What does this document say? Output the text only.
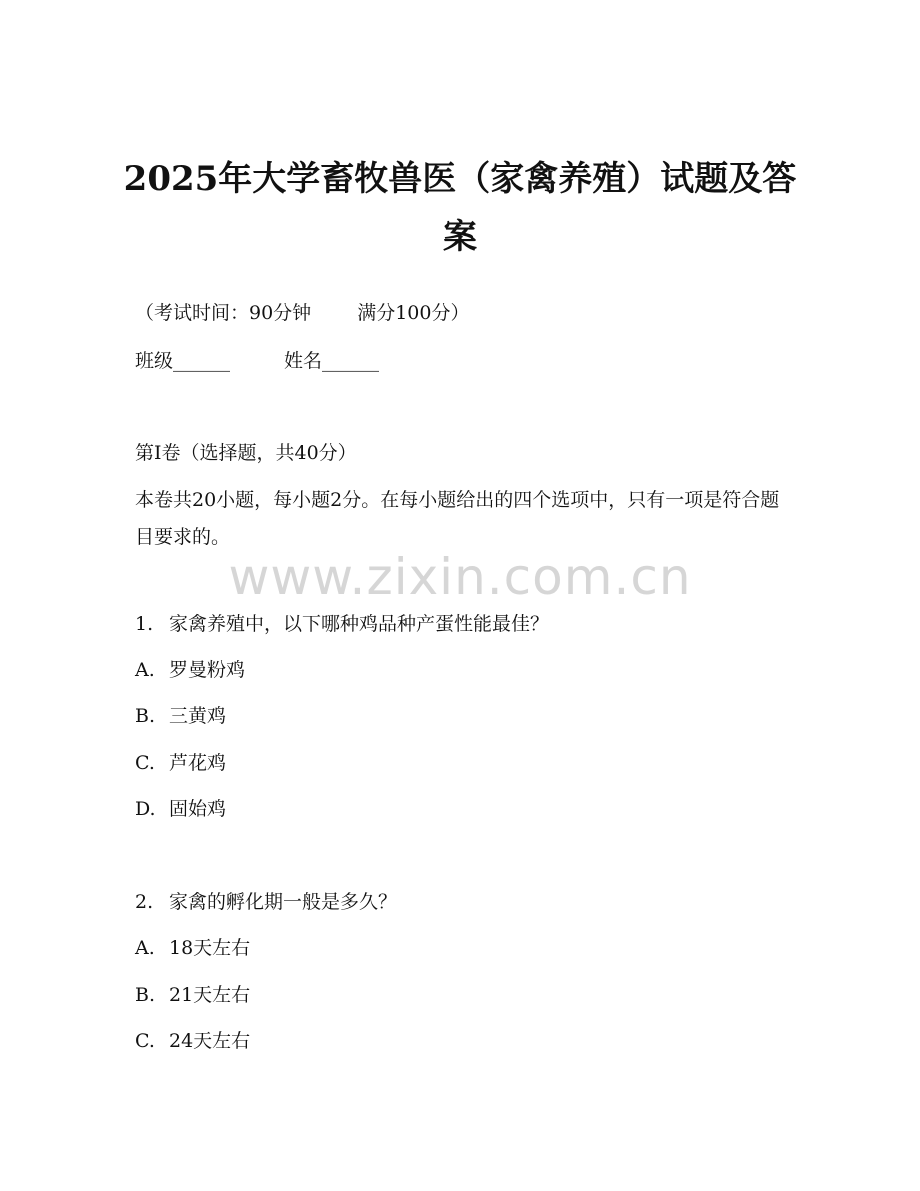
2025年大学畜牧兽医（家禽养殖）试题及答案
（考试时间：90分钟 满分100分）
班级______	姓名______
第I卷（选择题，共40分）
本卷共20小题，每小题2分。在每小题给出的四个选项中，只有一项是符合题目要求的。
www.zixin.com.cn
1. 家禽养殖中，以下哪种鸡品种产蛋性能最佳？
A. 罗曼粉鸡
B. 三黄鸡
C. 芦花鸡
D. 固始鸡
2. 家禽的孵化期一般是多久？
A. 18天左右
B. 21天左右
C. 24天左右
